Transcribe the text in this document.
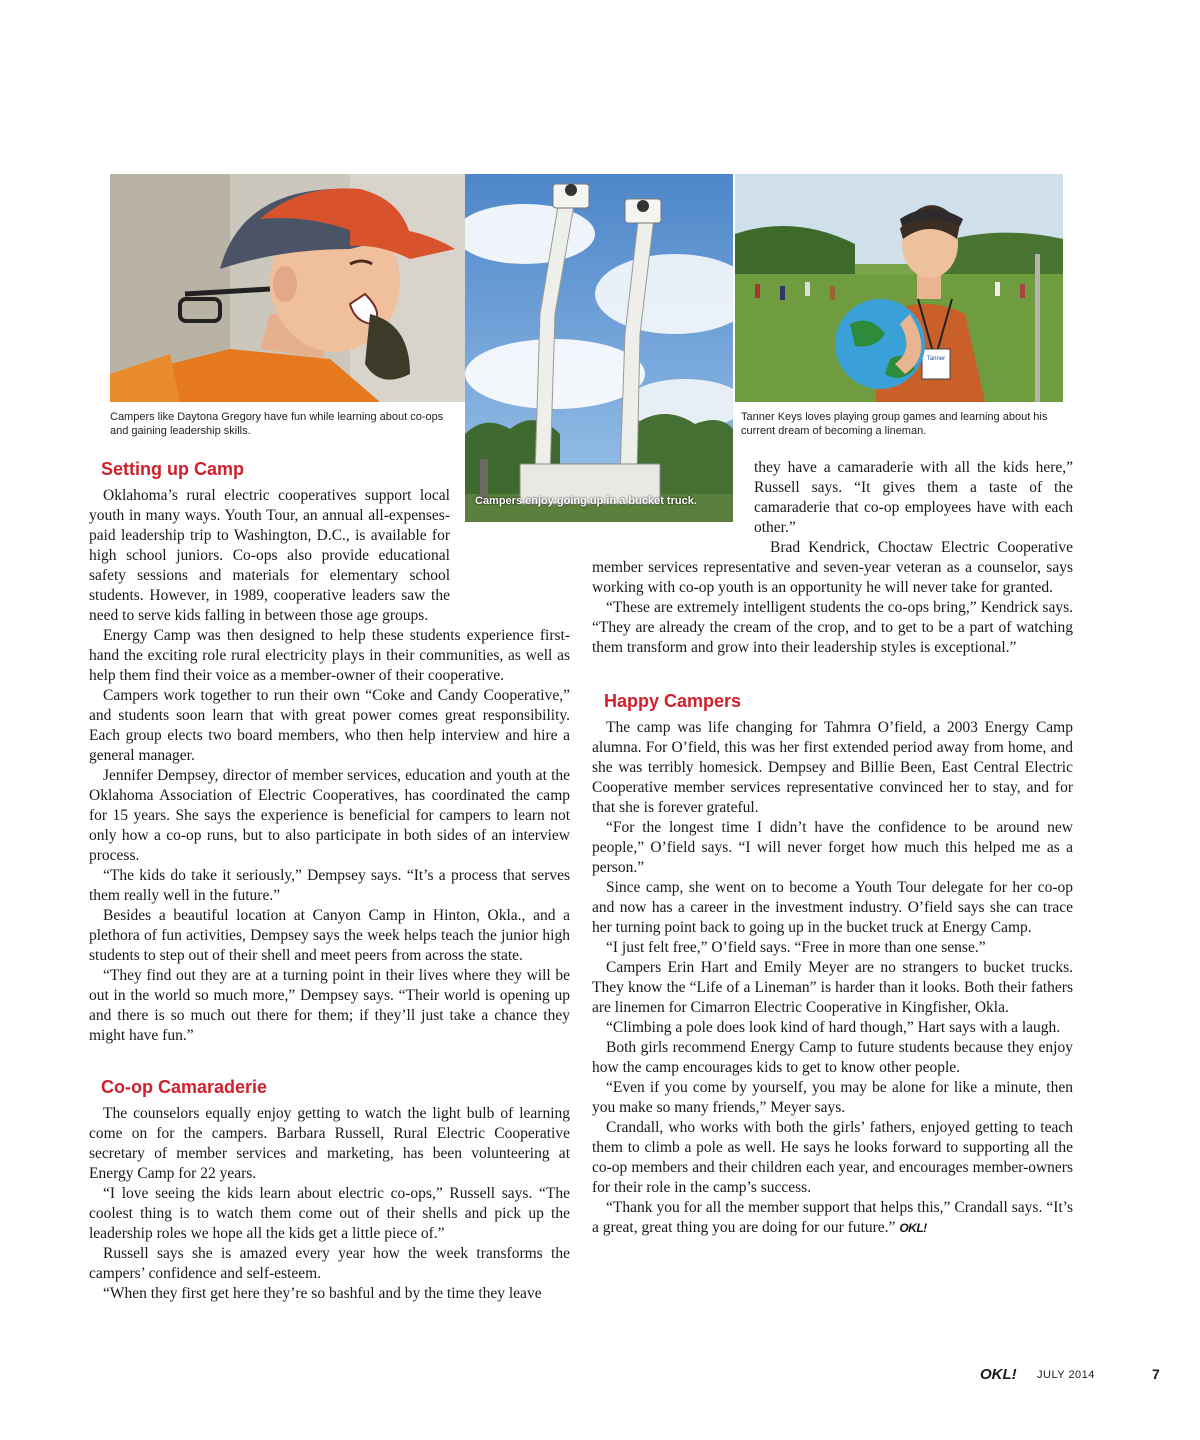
Tanner
Campers like Daytona Gregory have fun while learning about co-ops and gaining leadership skills.
Campers enjoy going up in a bucket truck.
Tanner Keys loves playing group games and learning about his current dream of becoming a lineman.
Setting up Camp

Oklahoma’s rural electric cooperatives support local youth in many ways. Youth Tour, an annual all-expenses-paid leadership trip to Washington, D.C., is available for high school juniors. Co-ops also provide educational safety sessions and materials for elementary school students. However, in 1989, cooperative leaders saw the need to serve kids falling in between those age groups.

Energy Camp was then designed to help these students experience first-hand the exciting role rural electricity plays in their communities, as well as help them find their voice as a member-owner of their cooperative.

Campers work together to run their own “Coke and Candy Cooperative,” and students soon learn that with great power comes great responsibility. Each group elects two board members, who then help interview and hire a general manager.

Jennifer Dempsey, director of member services, education and youth at the Oklahoma Association of Electric Cooperatives, has coordinated the camp for 15 years. She says the experience is beneficial for campers to learn not only how a co-op runs, but to also participate in both sides of an interview process.

“The kids do take it seriously,” Dempsey says. “It’s a process that serves them really well in the future.”

Besides a beautiful location at Canyon Camp in Hinton, Okla., and a plethora of fun activities, Dempsey says the week helps teach the junior high students to step out of their shell and meet peers from across the state.

“They find out they are at a turning point in their lives where they will be out in the world so much more,” Dempsey says. “Their world is opening up and there is so much out there for them; if they’ll just take a chance they might have fun.”

Co-op Camaraderie

The counselors equally enjoy getting to watch the light bulb of learning come on for the campers. Barbara Russell, Rural Electric Cooperative secretary of member services and marketing, has been volunteering at Energy Camp for 22 years.

“I love seeing the kids learn about electric co-ops,” Russell says. “The coolest thing is to watch them come out of their shells and pick up the leadership roles we hope all the kids get a little piece of.”

Russell says she is amazed every year how the week transforms the campers’ confidence and self-esteem.

“When they first get here they’re so bashful and by the time they leave

they have a camaraderie with all the kids here,” Russell says. “It gives them a taste of the camaraderie that co-op employees have with each other.”

Brad Kendrick, Choctaw Electric Cooperative member services representative and seven-year veteran as a counselor, says working with co-op youth is an opportunity he will never take for granted.

“These are extremely intelligent students the co-ops bring,” Kendrick says. “They are already the cream of the crop, and to get to be a part of watching them transform and grow into their leadership styles is exceptional.”

Happy Campers

The camp was life changing for Tahmra O’field, a 2003 Energy Camp alumna. For O’field, this was her first extended period away from home, and she was terribly homesick. Dempsey and Billie Been, East Central Electric Cooperative member services representative convinced her to stay, and for that she is forever grateful.

“For the longest time I didn’t have the confidence to be around new people,” O’field says. “I will never forget how much this helped me as a person.”

Since camp, she went on to become a Youth Tour delegate for her co-op and now has a career in the investment industry. O’field says she can trace her turning point back to going up in the bucket truck at Energy Camp.

“I just felt free,” O’field says. “Free in more than one sense.”

Campers Erin Hart and Emily Meyer are no strangers to bucket trucks. They know the “Life of a Lineman” is harder than it looks. Both their fathers are linemen for Cimarron Electric Cooperative in Kingfisher, Okla.

“Climbing a pole does look kind of hard though,” Hart says with a laugh.

Both girls recommend Energy Camp to future students because they enjoy how the camp encourages kids to get to know other people.

“Even if you come by yourself, you may be alone for like a minute, then you make so many friends,” Meyer says.

Crandall, who works with both the girls’ fathers, enjoyed getting to teach them to climb a pole as well. He says he looks forward to supporting all the co-op members and their children each year, and encourages member-owners for their role in the camp’s success.

“Thank you for all the member support that helps this,” Crandall says. “It’s a great, great thing you are doing for our future.” OKL!

OKL! JULY 2014	7
